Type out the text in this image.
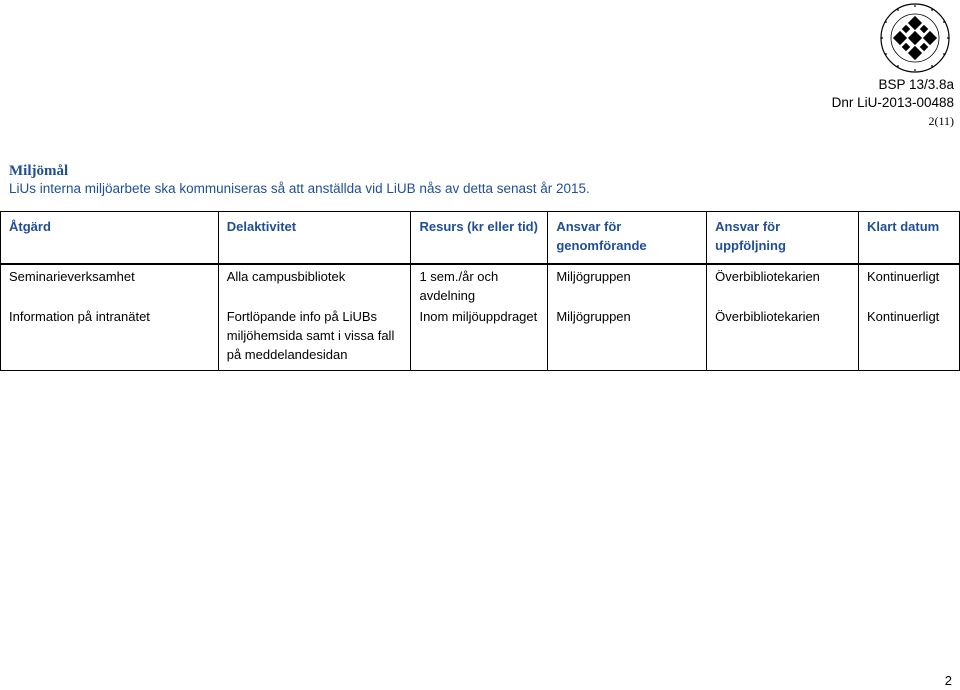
BSP 13/3.8a
Dnr LiU-2013-00488
2(11)
Miljömål

LiUs interna miljöarbete ska kommuniseras så att anställda vid LiUB nås av detta senast år 2015.

Åtgärd	Delaktivitet	Resurs (kr eller tid)	Ansvar för genomförande	Ansvar för uppföljning	Klart datum
Seminarieverksamhet	Alla campusbibliotek	1 sem./år och avdelning	Miljögruppen	Överbibliotekarien	Kontinuerligt
Information på intranätet	Fortlöpande info på LiUBs miljöhemsida samt i vissa fall på meddelandesidan	Inom miljöuppdraget	Miljögruppen	Överbibliotekarien	Kontinuerligt
2
